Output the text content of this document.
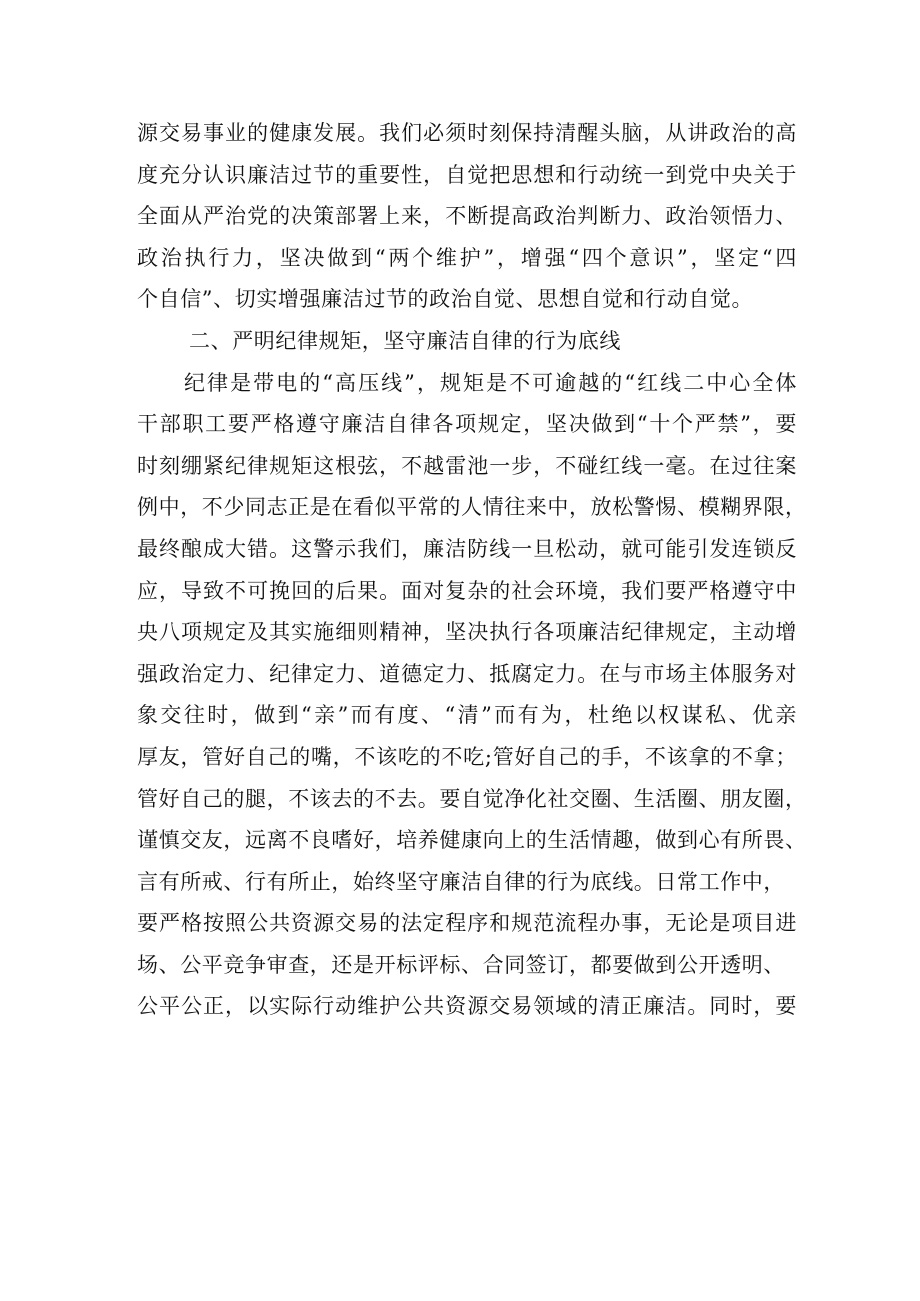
源交易事业的健康发展。我们必须时刻保持清醒头脑，从讲政治的高
度充分认识廉洁过节的重要性，自觉把思想和行动统一到党中央关于
全面从严治党的决策部署上来，不断提高政治判断力、政治领悟力、
政治执行力，坚决做到“两个维护”，增强“四个意识”，坚定“四
个自信”、切实增强廉洁过节的政治自觉、思想自觉和行动自觉。
二、严明纪律规矩，坚守廉洁自律的行为底线
纪律是带电的“高压线”，规矩是不可逾越的“红线二中心全体
干部职工要严格遵守廉洁自律各项规定，坚决做到“十个严禁”，要
时刻绷紧纪律规矩这根弦，不越雷池一步，不碰红线一毫。在过往案
例中，不少同志正是在看似平常的人情往来中，放松警惕、模糊界限，
最终酿成大错。这警示我们，廉洁防线一旦松动，就可能引发连锁反
应，导致不可挽回的后果。面对复杂的社会环境，我们要严格遵守中
央八项规定及其实施细则精神，坚决执行各项廉洁纪律规定，主动增
强政治定力、纪律定力、道德定力、抵腐定力。在与市场主体服务对
象交往时，做到“亲”而有度、“清”而有为，杜绝以权谋私、优亲
厚友，管好自己的嘴，不该吃的不吃;管好自己的手，不该拿的不拿；
管好自己的腿，不该去的不去。要自觉净化社交圈、生活圈、朋友圈，
谨慎交友，远离不良嗜好，培养健康向上的生活情趣，做到心有所畏、
言有所戒、行有所止，始终坚守廉洁自律的行为底线。日常工作中，
要严格按照公共资源交易的法定程序和规范流程办事，无论是项目进
场、公平竞争审查，还是开标评标、合同签订，都要做到公开透明、
公平公正，以实际行动维护公共资源交易领域的清正廉洁。同时，要
